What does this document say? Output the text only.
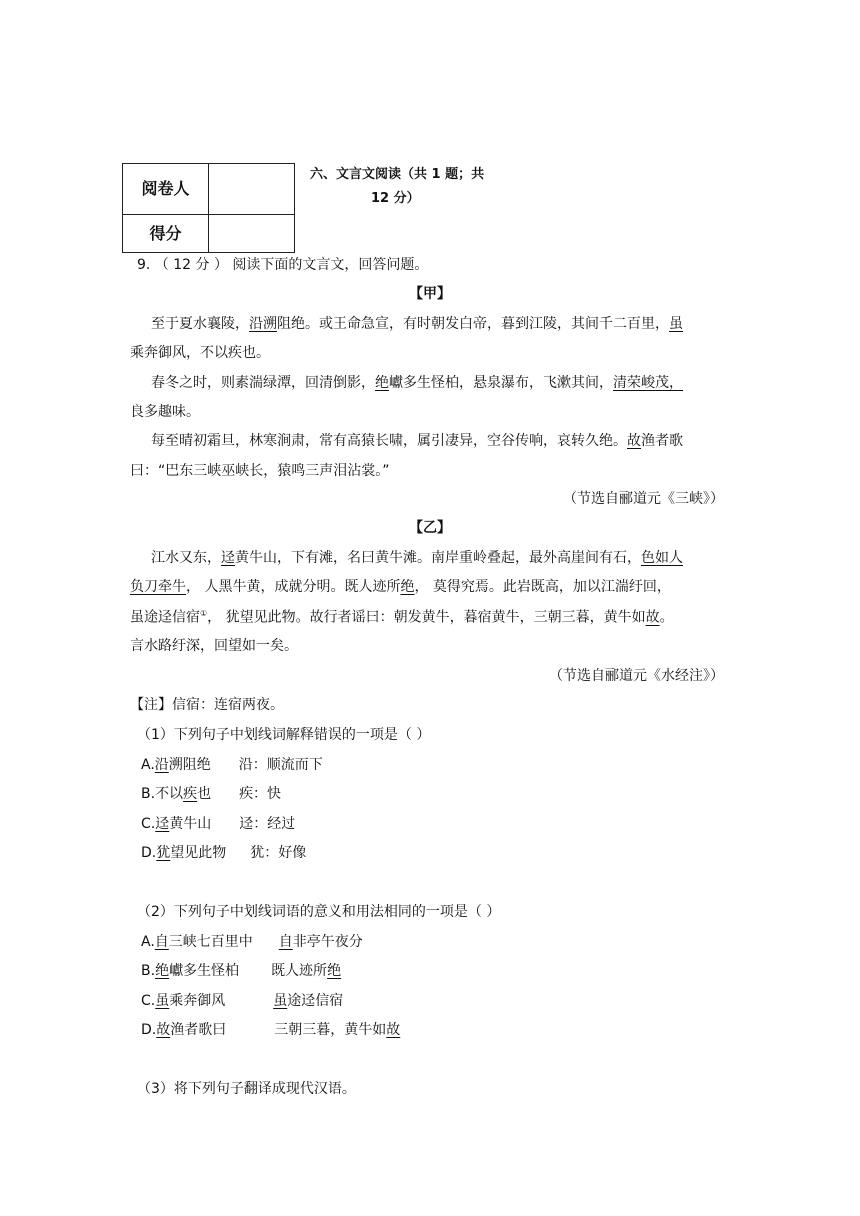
阅卷人	
得分	
六、文言文阅读（共 1 题；共
12 分）
9. （ 12 分 ） 阅读下面的文言文，回答问题。
【甲】
至于夏水襄陵，沿溯阻绝。或王命急宣，有时朝发白帝，暮到江陵，其间千二百里，虽
乘奔御风，不以疾也。
春冬之时，则素湍绿潭，回清倒影，绝巘多生怪柏，悬泉瀑布，飞漱其间，清荣峻茂，
良多趣味。
每至晴初霜旦，林寒涧肃，常有高猿长啸，属引凄异，空谷传响，哀转久绝。故渔者歌
曰：“巴东三峡巫峡长，猿鸣三声泪沾裳。”
（节选自郦道元《三峡》）
【乙】
江水又东，迳黄牛山，下有滩，名曰黄牛滩。南岸重岭叠起，最外高崖间有石，色如人
负刀牵牛， 人黑牛黄，成就分明。既人迹所绝， 莫得究焉。此岩既高，加以江湍纡回，
虽途迳信宿①， 犹望见此物。故行者谣曰：朝发黄牛，暮宿黄牛，三朝三暮，黄牛如故。
言水路纡深，回望如一矣。
（节选自郦道元《水经注》）
【注】信宿：连宿两夜。
（1）下列句子中划线词解释错误的一项是（ ）
A.沿溯阻绝 沿：顺流而下
B.不以疾也 疾：快
C.迳黄牛山 迳：经过
D.犹望见此物 犹：好像
（2）下列句子中划线词语的意义和用法相同的一项是（ ）
A.自三峡七百里中 自非亭午夜分
B.绝巘多生怪柏 既人迹所绝
C.虽乘奔御风	虽途迳信宿
D.故渔者歌曰	三朝三暮，黄牛如故
（3）将下列句子翻译成现代汉语。
